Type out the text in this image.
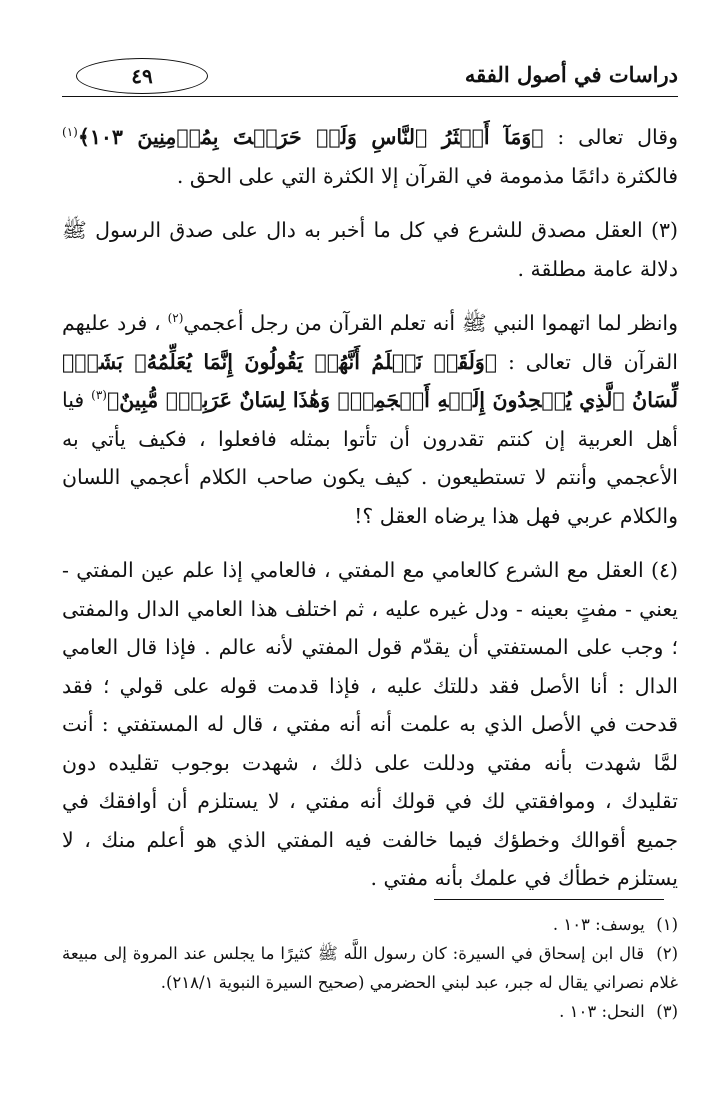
دراسات في أصول الفقه
٤٩

وقال تعالى : ﴿وَمَآ أَكۡثَرُ ٱلنَّاسِ وَلَوۡ حَرَصۡتَ بِمُؤۡمِنِينَ ١٠٣﴾$^{(١)}$ فالكثرة دائمًا مذمومة في القرآن إلا الكثرة التي على الحق .

(٣) العقل مصدق للشرع في كل ما أخبر به دال على صدق الرسول ﷺ دلالة عامة مطلقة .

وانظر لما اتهموا النبي ﷺ أنه تعلم القرآن من رجل أعجمي$^{(٢)}$ ، فرد عليهم القرآن قال تعالى : ﴿وَلَقَدۡ نَعۡلَمُ أَنَّهُمۡ يَقُولُونَ إِنَّمَا يُعَلِّمُهُۥ بَشَرٞۗ لِّسَانُ ٱلَّذِي يُلۡحِدُونَ إِلَيۡهِ أَعۡجَمِيّٞ وَهَٰذَا لِسَانٌ عَرَبِيّٞ مُّبِينٌ﴾$^{(٣)}$ فيا أهل العربية إن كنتم تقدرون أن تأتوا بمثله فافعلوا ، فكيف يأتي به الأعجمي وأنتم لا تستطيعون . كيف يكون صاحب الكلام أعجمي اللسان والكلام عربي فهل هذا يرضاه العقل ؟!

(٤) العقل مع الشرع كالعامي مع المفتي ، فالعامي إذا علم عين المفتي - يعني - مفتٍ بعينه - ودل غيره عليه ، ثم اختلف هذا العامي الدال والمفتى ؛ وجب على المستفتي أن يقدّم قول المفتي لأنه عالم . فإذا قال العامي الدال : أنا الأصل فقد دللتك عليه ، فإذا قدمت قوله على قولي ؛ فقد قدحت في الأصل الذي به علمت أنه أنه مفتي ، قال له المستفتي : أنت لمَّا شهدت بأنه مفتي ودللت على ذلك ، شهدت بوجوب تقليده دون تقليدك ، وموافقتي لك في قولك أنه مفتي ، لا يستلزم أن أوافقك في جميع أقوالك وخطؤك فيما خالفت فيه المفتي الذي هو أعلم منك ، لا يستلزم خطأك في علمك بأنه مفتي .

(١) يوسف: ١٠٣ .

(٢) قال ابن إسحاق في السيرة: كان رسول اللَّه ﷺ كثيرًا ما يجلس عند المروة إلى مبيعة غلام نصراني يقال له جبر، عبد لبني الحضرمي (صحيح السيرة النبوية ٢١٨/١).

(٣) النحل: ١٠٣ .
